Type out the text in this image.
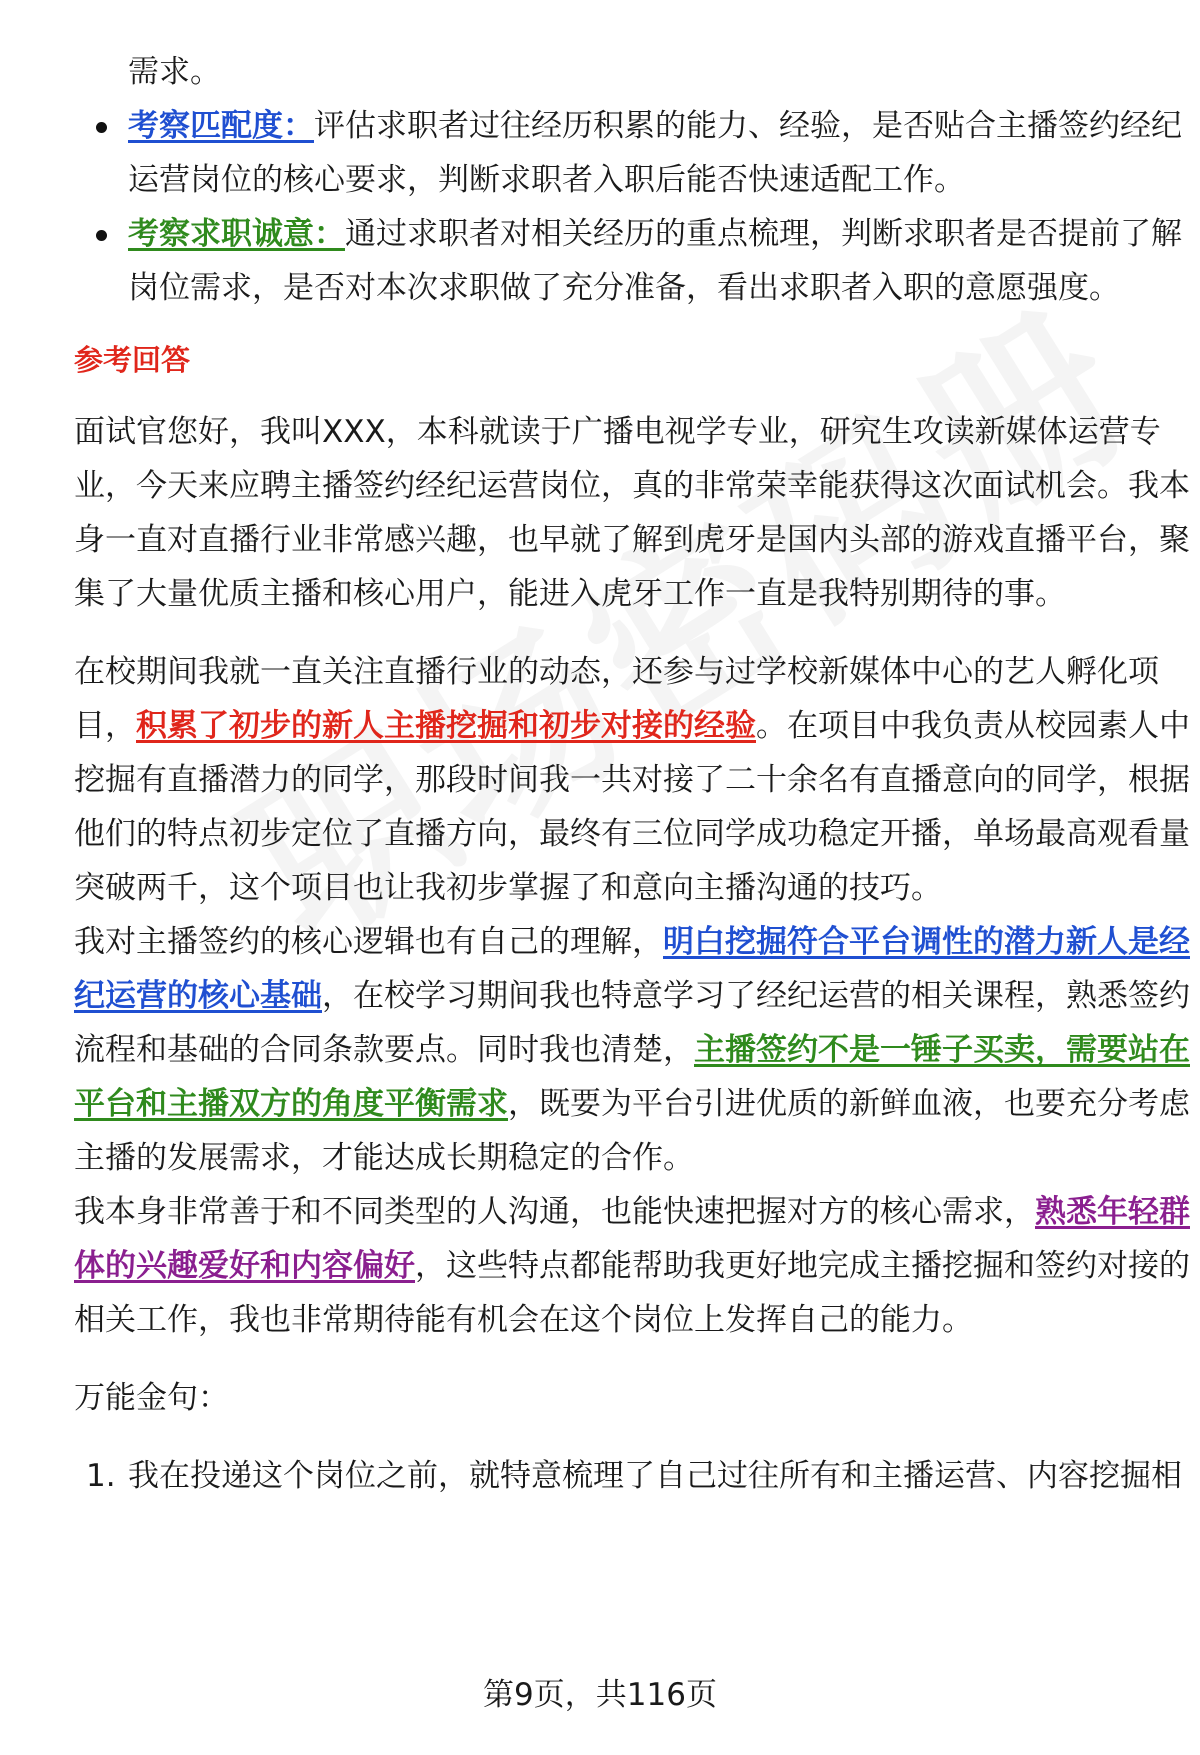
需求。
考察匹配度：评估求职者过往经历积累的能力、经验，是否贴合主播签约经纪
运营岗位的核心要求，判断求职者入职后能否快速适配工作。
考察求职诚意：通过求职者对相关经历的重点梳理，判断求职者是否提前了解
岗位需求，是否对本次求职做了充分准备，看出求职者入职的意愿强度。
参考回答
面试官您好，我叫XXX，本科就读于广播电视学专业，研究生攻读新媒体运营专
业，今天来应聘主播签约经纪运营岗位，真的非常荣幸能获得这次面试机会。我本
身一直对直播行业非常感兴趣，也早就了解到虎牙是国内头部的游戏直播平台，聚
集了大量优质主播和核心用户，能进入虎牙工作一直是我特别期待的事。
在校期间我就一直关注直播行业的动态，还参与过学校新媒体中心的艺人孵化项
目，积累了初步的新人主播挖掘和初步对接的经验。在项目中我负责从校园素人中
挖掘有直播潜力的同学，那段时间我一共对接了二十余名有直播意向的同学，根据
他们的特点初步定位了直播方向，最终有三位同学成功稳定开播，单场最高观看量
突破两千，这个项目也让我初步掌握了和意向主播沟通的技巧。
我对主播签约的核心逻辑也有自己的理解，明白挖掘符合平台调性的潜力新人是经
纪运营的核心基础，在校学习期间我也特意学习了经纪运营的相关课程，熟悉签约
流程和基础的合同条款要点。同时我也清楚，主播签约不是一锤子买卖，需要站在
平台和主播双方的角度平衡需求，既要为平台引进优质的新鲜血液，也要充分考虑
主播的发展需求，才能达成长期稳定的合作。
我本身非常善于和不同类型的人沟通，也能快速把握对方的核心需求，熟悉年轻群
体的兴趣爱好和内容偏好，这些特点都能帮助我更好地完成主播挖掘和签约对接的
相关工作，我也非常期待能有机会在这个岗位上发挥自己的能力。
万能金句：
1. 我在投递这个岗位之前，就特意梳理了自己过往所有和主播运营、内容挖掘相
第9页，共116页
